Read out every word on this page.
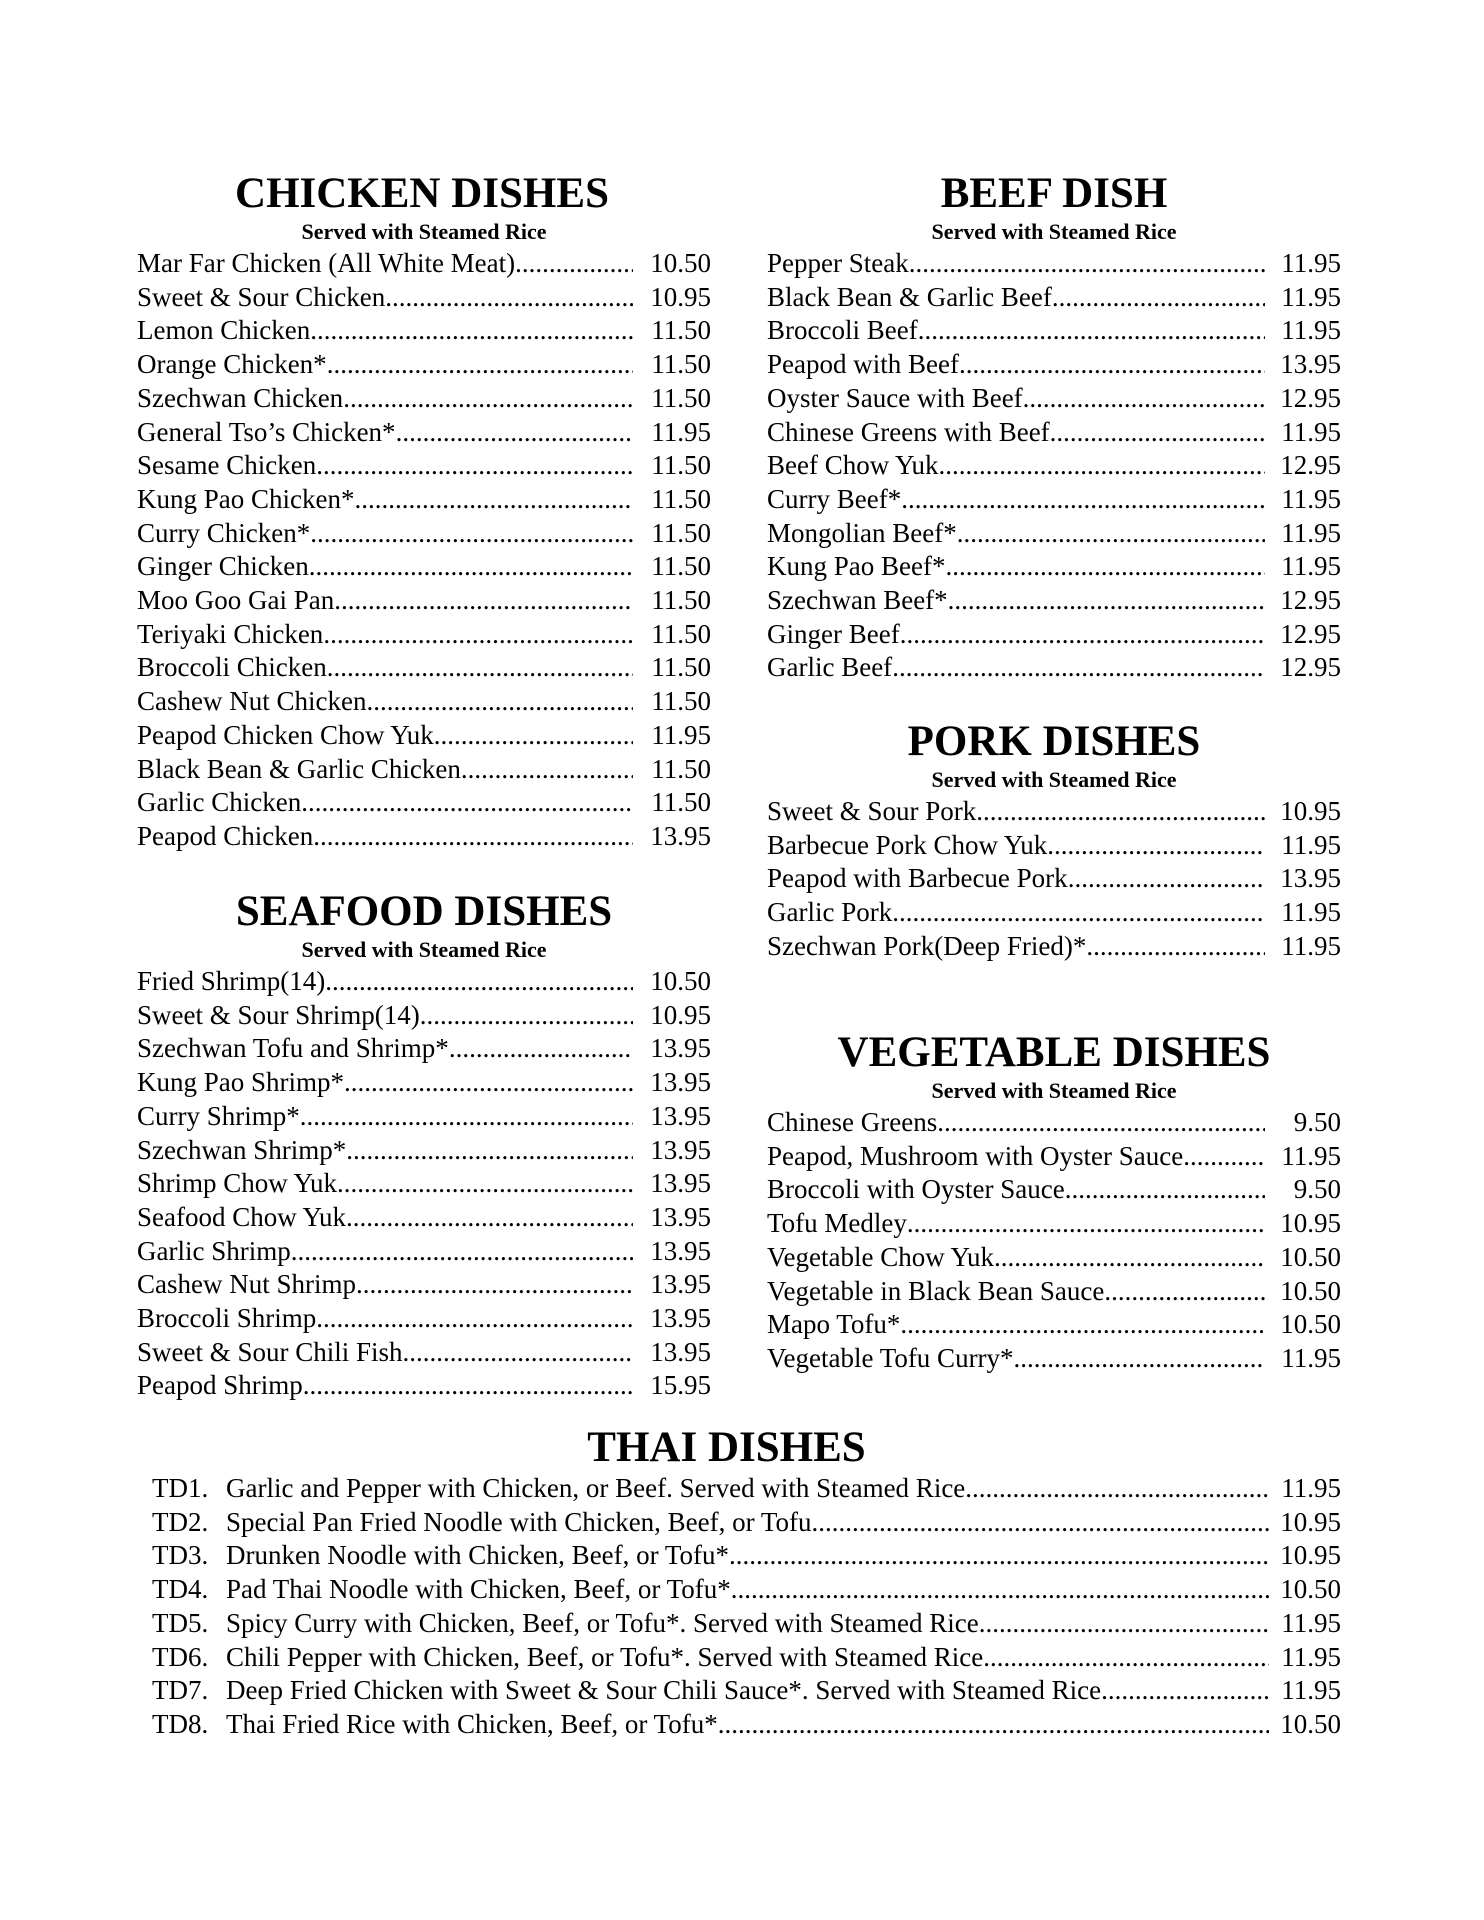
CHICKEN DISHES
Served with Steamed Rice
Mar Far Chicken (All White Meat) .....	10.50
Sweet & Sour Chicken .....	10.95
Lemon Chicken .....	11.50
Orange Chicken* .....	11.50
Szechwan Chicken .....	11.50
General Tso’s Chicken* .....	11.95
Sesame Chicken .....	11.50
Kung Pao Chicken* .....	11.50
Curry Chicken* .....	11.50
Ginger Chicken .....	11.50
Moo Goo Gai Pan .....	11.50
Teriyaki Chicken .....	11.50
Broccoli Chicken .....	11.50
Cashew Nut Chicken .....	11.50
Peapod Chicken Chow Yuk .....	11.95
Black Bean & Garlic Chicken .....	11.50
Garlic Chicken .....	11.50
Peapod Chicken .....	13.95
SEAFOOD DISHES
Served with Steamed Rice
Fried Shrimp(14) .....	10.50
Sweet & Sour Shrimp(14) .....	10.95
Szechwan Tofu and Shrimp* .....	13.95
Kung Pao Shrimp* .....	13.95
Curry Shrimp* .....	13.95
Szechwan Shrimp* .....	13.95
Shrimp Chow Yuk .....	13.95
Seafood Chow Yuk .....	13.95
Garlic Shrimp .....	13.95
Cashew Nut Shrimp .....	13.95
Broccoli Shrimp .....	13.95
Sweet & Sour Chili Fish .....	13.95
Peapod Shrimp .....	15.95
BEEF DISH
Served with Steamed Rice
Pepper Steak .....	11.95
Black Bean & Garlic Beef .....	11.95
Broccoli Beef .....	11.95
Peapod with Beef .....	13.95
Oyster Sauce with Beef .....	12.95
Chinese Greens with Beef .....	11.95
Beef Chow Yuk .....	12.95
Curry Beef* .....	11.95
Mongolian Beef* .....	11.95
Kung Pao Beef* .....	11.95
Szechwan Beef* .....	12.95
Ginger Beef .....	12.95
Garlic Beef .....	12.95
PORK DISHES
Served with Steamed Rice
Sweet & Sour Pork .....	10.95
Barbecue Pork Chow Yuk .....	11.95
Peapod with Barbecue Pork .....	13.95
Garlic Pork .....	11.95
Szechwan Pork(Deep Fried)* .....	11.95
VEGETABLE DISHES
Served with Steamed Rice
Chinese Greens .....	9.50
Peapod, Mushroom with Oyster Sauce .....	11.95
Broccoli with Oyster Sauce .....	9.50
Tofu Medley .....	10.95
Vegetable Chow Yuk .....	10.50
Vegetable in Black Bean Sauce .....	10.50
Mapo Tofu* .....	10.50
Vegetable Tofu Curry* .....	11.95
THAI DISHES
TD1. Garlic and Pepper with Chicken, or Beef. Served with Steamed Rice .....	11.95
TD2. Special Pan Fried Noodle with Chicken, Beef, or Tofu .....	10.95
TD3. Drunken Noodle with Chicken, Beef, or Tofu* .....	10.95
TD4. Pad Thai Noodle with Chicken, Beef, or Tofu* .....	10.50
TD5. Spicy Curry with Chicken, Beef, or Tofu*. Served with Steamed Rice .....	11.95
TD6. Chili Pepper with Chicken, Beef, or Tofu*. Served with Steamed Rice .....	11.95
TD7. Deep Fried Chicken with Sweet & Sour Chili Sauce*. Served with Steamed Rice .....	11.95
TD8. Thai Fried Rice with Chicken, Beef, or Tofu* .....	10.50
